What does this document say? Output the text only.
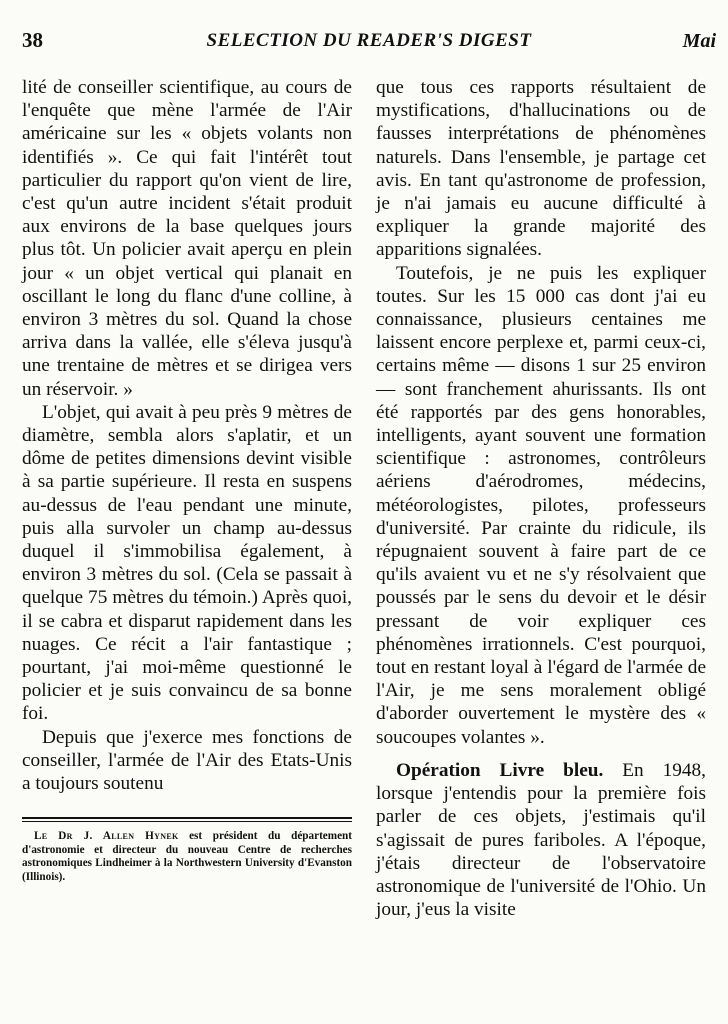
38	SELECTION DU READER'S DIGEST	Mai

lité de conseiller scientifique, au cours de l'enquête que mène l'armée de l'Air américaine sur les « objets volants non identifiés ». Ce qui fait l'intérêt tout particulier du rapport qu'on vient de lire, c'est qu'un autre incident s'était produit aux environs de la base quelques jours plus tôt. Un policier avait aperçu en plein jour « un objet vertical qui planait en oscillant le long du flanc d'une colline, à environ 3 mètres du sol. Quand la chose arriva dans la vallée, elle s'éleva jusqu'à une trentaine de mètres et se dirigea vers un réservoir. »

L'objet, qui avait à peu près 9 mètres de diamètre, sembla alors s'aplatir, et un dôme de petites dimensions devint visible à sa partie supérieure. Il resta en suspens au-dessus de l'eau pendant une minute, puis alla survoler un champ au-dessus duquel il s'immobilisa également, à environ 3 mètres du sol. (Cela se passait à quelque 75 mètres du témoin.) Après quoi, il se cabra et disparut rapidement dans les nuages. Ce récit a l'air fantastique ; pourtant, j'ai moi-même questionné le policier et je suis convaincu de sa bonne foi.

Depuis que j'exerce mes fonctions de conseiller, l'armée de l'Air des Etats-Unis a toujours soutenu

Le Dr J. Allen Hynek est président du département d'astronomie et directeur du nouveau Centre de recherches astronomiques Lindheimer à la Northwestern University d'Evanston (Illinois).

que tous ces rapports résultaient de mystifications, d'hallucinations ou de fausses interprétations de phénomènes naturels. Dans l'ensemble, je partage cet avis. En tant qu'astronome de profession, je n'ai jamais eu aucune difficulté à expliquer la grande majorité des apparitions signalées.

Toutefois, je ne puis les expliquer toutes. Sur les 15 000 cas dont j'ai eu connaissance, plusieurs centaines me laissent encore perplexe et, parmi ceux-ci, certains même — disons 1 sur 25 environ — sont franchement ahurissants. Ils ont été rapportés par des gens honorables, intelligents, ayant souvent une formation scientifique : astronomes, contrôleurs aériens d'aérodromes, médecins, météorologistes, pilotes, professeurs d'université. Par crainte du ridicule, ils répugnaient souvent à faire part de ce qu'ils avaient vu et ne s'y résolvaient que poussés par le sens du devoir et le désir pressant de voir expliquer ces phénomènes irrationnels. C'est pourquoi, tout en restant loyal à l'égard de l'armée de l'Air, je me sens moralement obligé d'aborder ouvertement le mystère des « soucoupes volantes ».

Opération Livre bleu. En 1948, lorsque j'entendis pour la première fois parler de ces objets, j'estimais qu'il s'agissait de pures fariboles. A l'époque, j'étais directeur de l'observatoire astronomique de l'université de l'Ohio. Un jour, j'eus la visite
